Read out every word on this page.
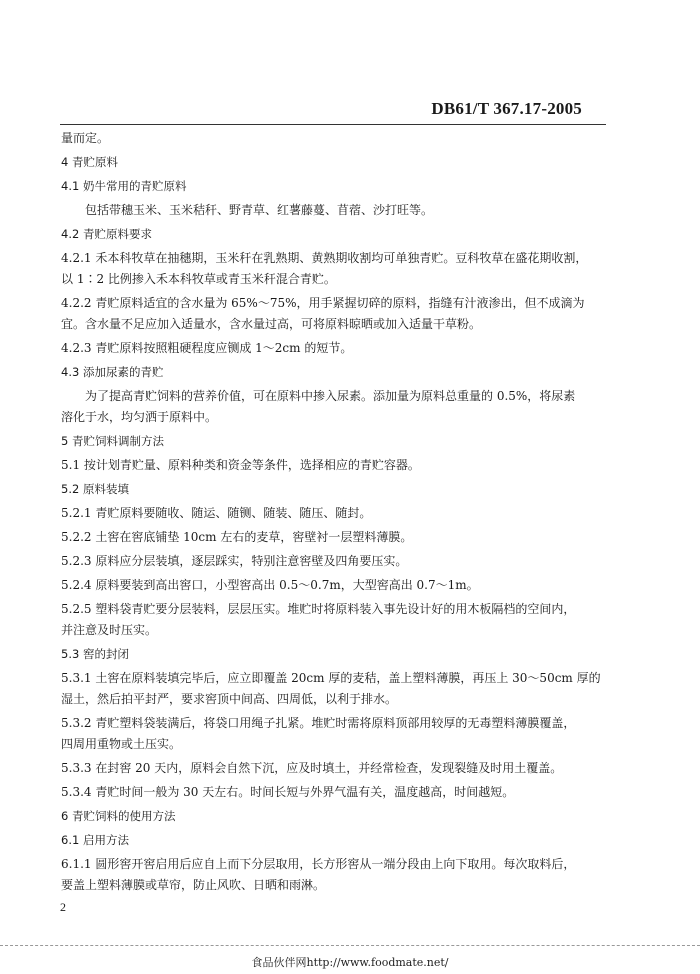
DB61/T 367.17-2005

量而定。

4 青贮原料

4.1 奶牛常用的青贮原料

包括带穗玉米、玉米秸秆、野青草、红薯藤蔓、苜蓿、沙打旺等。

4.2 青贮原料要求

4.2.1 禾本科牧草在抽穗期，玉米秆在乳熟期、黄熟期收割均可单独青贮。豆科牧草在盛花期收割，

以 1∶2 比例掺入禾本科牧草或青玉米秆混合青贮。

4.2.2 青贮原料适宜的含水量为 65%～75%，用手紧握切碎的原料，指缝有汁液渗出，但不成滴为

宜。含水量不足应加入适量水，含水量过高，可将原料晾晒或加入适量干草粉。

4.2.3 青贮原料按照粗硬程度应铡成 1～2cm 的短节。

4.3 添加尿素的青贮

为了提高青贮饲料的营养价值，可在原料中掺入尿素。添加量为原料总重量的 0.5%，将尿素

溶化于水，均匀洒于原料中。

5 青贮饲料调制方法

5.1 按计划青贮量、原料种类和资金等条件，选择相应的青贮容器。

5.2 原料装填

5.2.1 青贮原料要随收、随运、随铡、随装、随压、随封。

5.2.2 土窖在窖底铺垫 10cm 左右的麦草，窖壁衬一层塑料薄膜。

5.2.3 原料应分层装填，逐层踩实，特别注意窖壁及四角要压实。

5.2.4 原料要装到高出窖口，小型窖高出 0.5～0.7m，大型窖高出 0.7～1m。

5.2.5 塑料袋青贮要分层装料，层层压实。堆贮时将原料装入事先设计好的用木板隔档的空间内，

并注意及时压实。

5.3 窖的封闭

5.3.1 土窖在原料装填完毕后，应立即覆盖 20cm 厚的麦秸，盖上塑料薄膜，再压上 30～50cm 厚的

湿土，然后拍平封严，要求窖顶中间高、四周低，以利于排水。

5.3.2 青贮塑料袋装满后，将袋口用绳子扎紧。堆贮时需将原料顶部用较厚的无毒塑料薄膜覆盖，

四周用重物或土压实。

5.3.3 在封窖 20 天内，原料会自然下沉，应及时填土，并经常检查，发现裂缝及时用土覆盖。

5.3.4 青贮时间一般为 30 天左右。时间长短与外界气温有关，温度越高，时间越短。

6 青贮饲料的使用方法

6.1 启用方法

6.1.1 圆形窖开窖启用后应自上而下分层取用，长方形窖从一端分段由上向下取用。每次取料后，

要盖上塑料薄膜或草帘，防止风吹、日晒和雨淋。

2
食品伙伴网http://www.foodmate.net/
